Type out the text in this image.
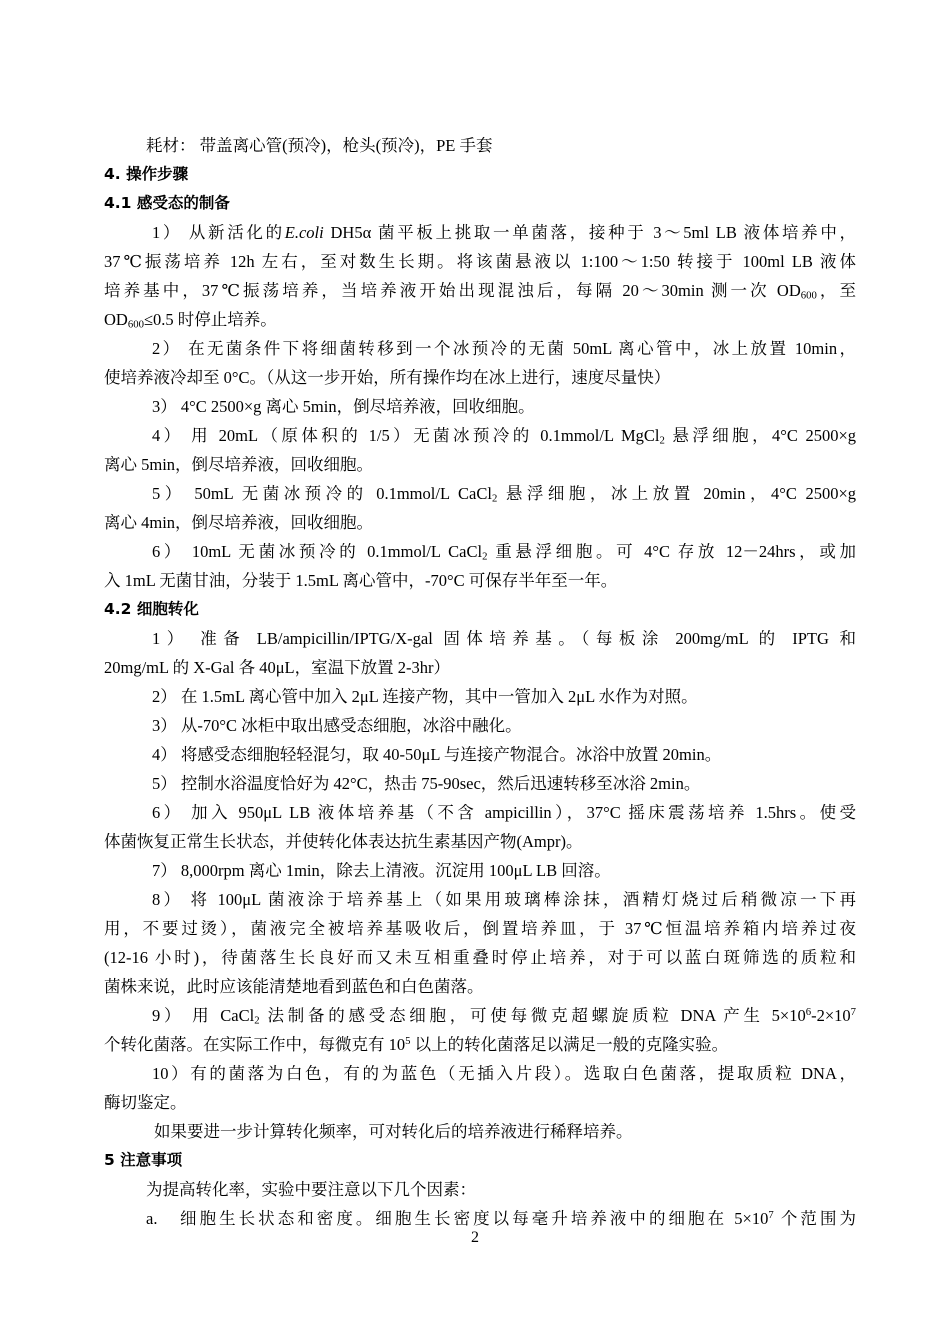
耗材： 带盖离心管(预冷)，枪头(预冷)，PE 手套
4. 操作步骤
4.1 感受态的制备
1） 从新活化的E.coli DH5α 菌平板上挑取一单菌落，接种于 3～5ml LB 液体培养中，
37℃振荡培养 12h 左右，至对数生长期。将该菌悬液以 1:100～1:50 转接于 100ml LB 液体
培养基中，37℃振荡培养，当培养液开始出现混浊后，每隔 20～30min 测一次 $OD_{600}$，至
$OD_{600}\le 0.5$ 时停止培养。
2） 在无菌条件下将细菌转移到一个冰预冷的无菌 50mL 离心管中，冰上放置 10min，
使培养液冷却至 0°C。（从这一步开始，所有操作均在冰上进行，速度尽量快）
3） 4°C 2500×g 离心 5min，倒尽培养液，回收细胞。
4） 用 20mL（原体积的 1/5）无菌冰预冷的 0.1mmol/L MgCl$_2$ 悬浮细胞，4°C 2500×g
离心 5min，倒尽培养液，回收细胞。
5） 50mL 无菌冰预冷的 0.1mmol/L CaCl$_2$ 悬浮细胞，冰上放置 20min，4°C 2500×g
离心 4min，倒尽培养液，回收细胞。
6） 10mL 无菌冰预冷的 0.1mmol/L CaCl$_2$ 重悬浮细胞。可 4°C 存放 12－24hrs，或加
入 1mL 无菌甘油，分装于 1.5mL 离心管中，-70°C 可保存半年至一年。
4.2 细胞转化
1） 准备 LB/ampicillin/IPTG/X-gal 固体培养基。（每板涂 200mg/mL 的 IPTG 和
20mg/mL 的 X-Gal 各 40μL，室温下放置 2-3hr）
2） 在 1.5mL 离心管中加入 2μL 连接产物，其中一管加入 2μL 水作为对照。
3） 从-70°C 冰柜中取出感受态细胞，冰浴中融化。
4） 将感受态细胞轻轻混匀，取 40-50μL 与连接产物混合。冰浴中放置 20min。
5） 控制水浴温度恰好为 42°C，热击 75-90sec，然后迅速转移至冰浴 2min。
6） 加入 950μL LB 液体培养基（不含 ampicillin），37°C 摇床震荡培养 1.5hrs。使受
体菌恢复正常生长状态，并使转化体表达抗生素基因产物(Ampr)。
7） 8,000rpm 离心 1min，除去上清液。沉淀用 100μL LB 回溶。
8） 将 100μL 菌液涂于培养基上（如果用玻璃棒涂抹，酒精灯烧过后稍微凉一下再
用，不要过烫），菌液完全被培养基吸收后，倒置培养皿，于 37℃恒温培养箱内培养过夜
(12-16 小时)，待菌落生长良好而又未互相重叠时停止培养，对于可以蓝白斑筛选的质粒和
菌株来说，此时应该能清楚地看到蓝色和白色菌落。
9） 用 CaCl$_2$ 法制备的感受态细胞，可使每微克超螺旋质粒 DNA 产生 $5\times 10^6-2\times 10^7$
个转化菌落。在实际工作中，每微克有 $10^5$ 以上的转化菌落足以满足一般的克隆实验。
10）有的菌落为白色，有的为蓝色（无插入片段）。选取白色菌落，提取质粒 DNA，
酶切鉴定。
如果要进一步计算转化频率，可对转化后的培养液进行稀释培养。
5 注意事项
为提高转化率，实验中要注意以下几个因素：
a.　细胞生长状态和密度。细胞生长密度以每毫升培养液中的细胞在 $5\times 10^7$ 个范围为
2
